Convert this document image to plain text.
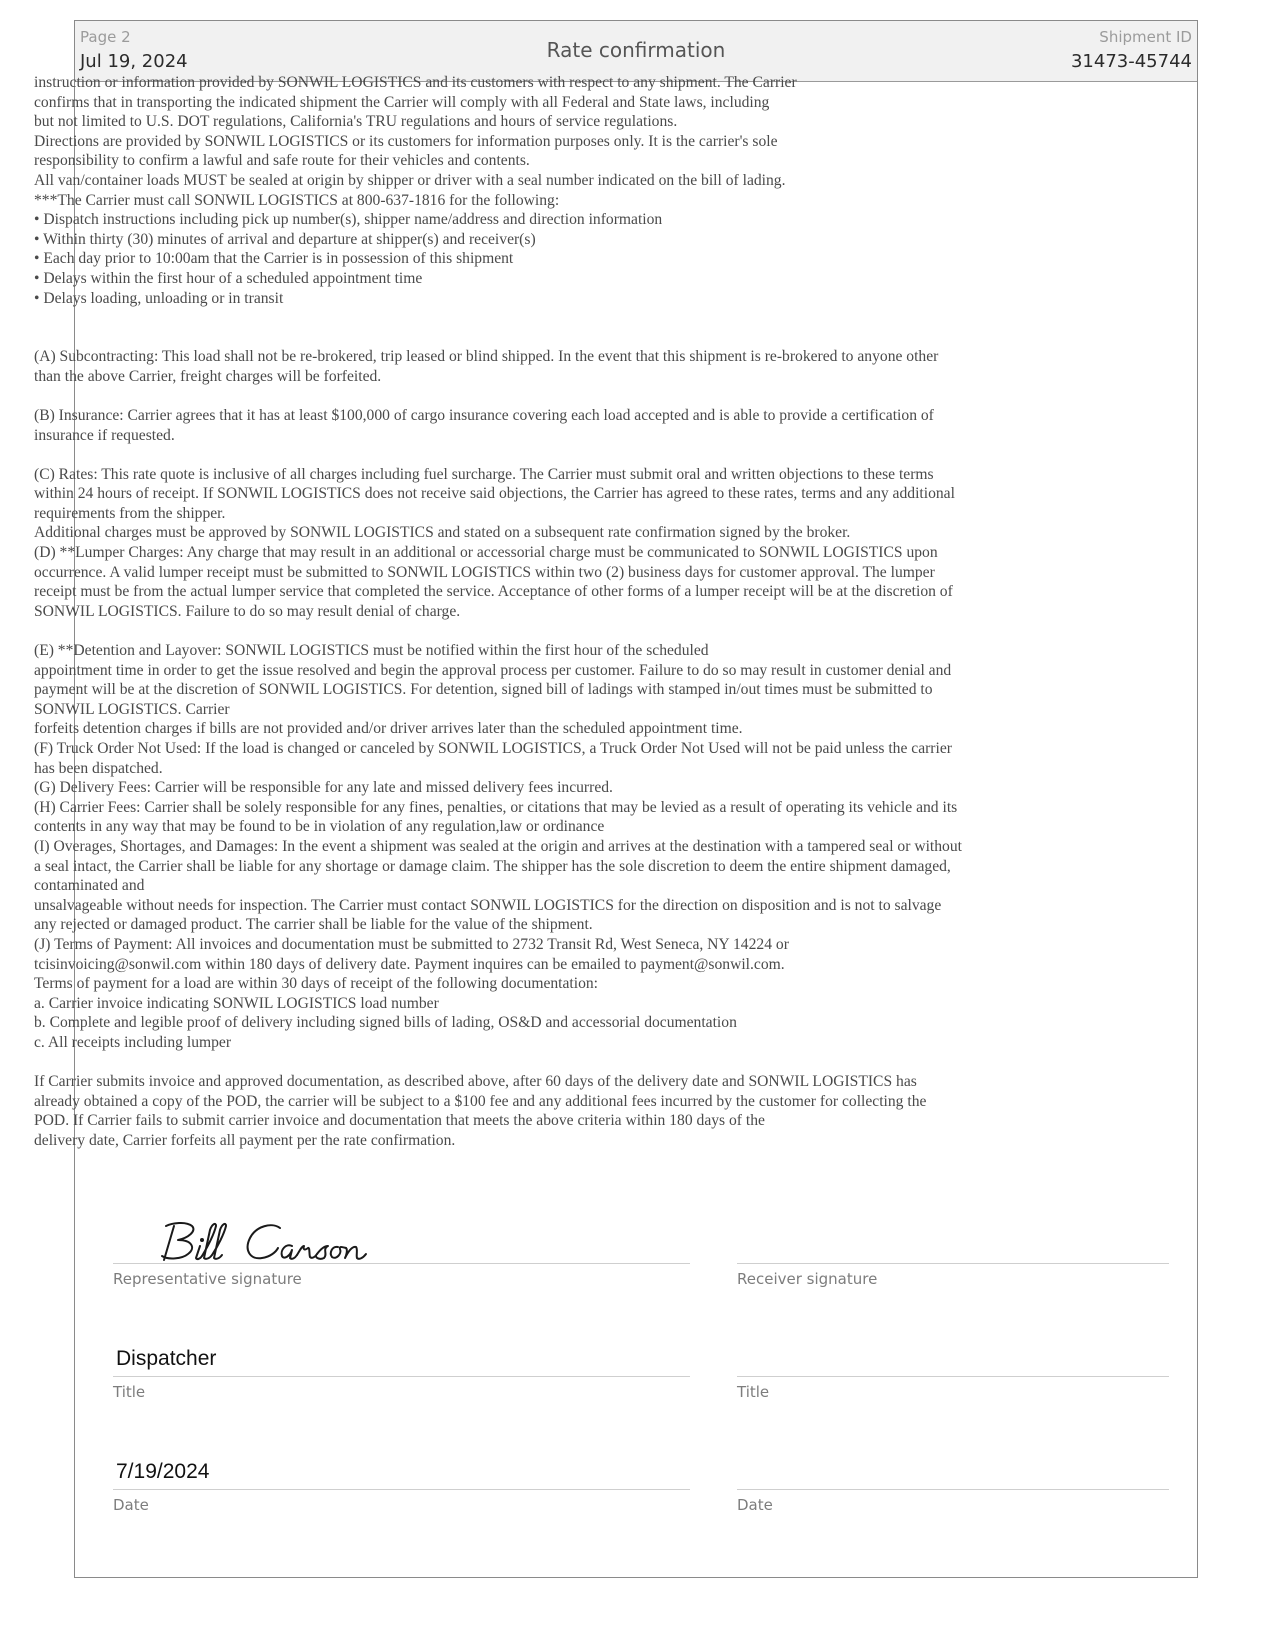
Page 2
Jul 19, 2024	Rate confirmation
Shipment ID
31473-45744

instruction or information provided by SONWIL LOGISTICS and its customers with respect to any shipment. The Carrier
confirms that in transporting the indicated shipment the Carrier will comply with all Federal and State laws, including
but not limited to U.S. DOT regulations, California's TRU regulations and hours of service regulations.
Directions are provided by SONWIL LOGISTICS or its customers for information purposes only. It is the carrier's sole
responsibility to confirm a lawful and safe route for their vehicles and contents.
All van/container loads MUST be sealed at origin by shipper or driver with a seal number indicated on the bill of lading.
***The Carrier must call SONWIL LOGISTICS at 800-637-1816 for the following:
• Dispatch instructions including pick up number(s), shipper name/address and direction information
• Within thirty (30) minutes of arrival and departure at shipper(s) and receiver(s)
• Each day prior to 10:00am that the Carrier is in possession of this shipment
• Delays within the first hour of a scheduled appointment time
• Delays loading, unloading or in transit

(A) Subcontracting: This load shall not be re-brokered, trip leased or blind shipped. In the event that this shipment is re-brokered to anyone other
than the above Carrier, freight charges will be forfeited.

(B) Insurance: Carrier agrees that it has at least $100,000 of cargo insurance covering each load accepted and is able to provide a certification of
insurance if requested.

(C) Rates: This rate quote is inclusive of all charges including fuel surcharge. The Carrier must submit oral and written objections to these terms
within 24 hours of receipt. If SONWIL LOGISTICS does not receive said objections, the Carrier has agreed to these rates, terms and any additional
requirements from the shipper.
Additional charges must be approved by SONWIL LOGISTICS and stated on a subsequent rate confirmation signed by the broker.
(D) **Lumper Charges: Any charge that may result in an additional or accessorial charge must be communicated to SONWIL LOGISTICS upon
occurrence. A valid lumper receipt must be submitted to SONWIL LOGISTICS within two (2) business days for customer approval. The lumper
receipt must be from the actual lumper service that completed the service. Acceptance of other forms of a lumper receipt will be at the discretion of
SONWIL LOGISTICS. Failure to do so may result denial of charge.

(E) **Detention and Layover: SONWIL LOGISTICS must be notified within the first hour of the scheduled
appointment time in order to get the issue resolved and begin the approval process per customer. Failure to do so may result in customer denial and
payment will be at the discretion of SONWIL LOGISTICS. For detention, signed bill of ladings with stamped in/out times must be submitted to
SONWIL LOGISTICS. Carrier
forfeits detention charges if bills are not provided and/or driver arrives later than the scheduled appointment time.
(F) Truck Order Not Used: If the load is changed or canceled by SONWIL LOGISTICS, a Truck Order Not Used will not be paid unless the carrier
has been dispatched.
(G) Delivery Fees: Carrier will be responsible for any late and missed delivery fees incurred.
(H) Carrier Fees: Carrier shall be solely responsible for any fines, penalties, or citations that may be levied as a result of operating its vehicle and its
contents in any way that may be found to be in violation of any regulation,law or ordinance
(I) Overages, Shortages, and Damages: In the event a shipment was sealed at the origin and arrives at the destination with a tampered seal or without
a seal intact, the Carrier shall be liable for any shortage or damage claim. The shipper has the sole discretion to deem the entire shipment damaged,
contaminated and
unsalvageable without needs for inspection. The Carrier must contact SONWIL LOGISTICS for the direction on disposition and is not to salvage
any rejected or damaged product. The carrier shall be liable for the value of the shipment.
(J) Terms of Payment: All invoices and documentation must be submitted to 2732 Transit Rd, West Seneca, NY 14224 or
tcisinvoicing@sonwil.com within 180 days of delivery date. Payment inquires can be emailed to payment@sonwil.com.
Terms of payment for a load are within 30 days of receipt of the following documentation:
a. Carrier invoice indicating SONWIL LOGISTICS load number
b. Complete and legible proof of delivery including signed bills of lading, OS&D and accessorial documentation
c. All receipts including lumper

If Carrier submits invoice and approved documentation, as described above, after 60 days of the delivery date and SONWIL LOGISTICS has
already obtained a copy of the POD, the carrier will be subject to a $100 fee and any additional fees incurred by the customer for collecting the
POD. If Carrier fails to submit carrier invoice and documentation that meets the above criteria within 180 days of the
delivery date, Carrier forfeits all payment per the rate confirmation.

Representative signature	Receiver signature
Dispatcher
Title	Title
7/19/2024
Date	Date
